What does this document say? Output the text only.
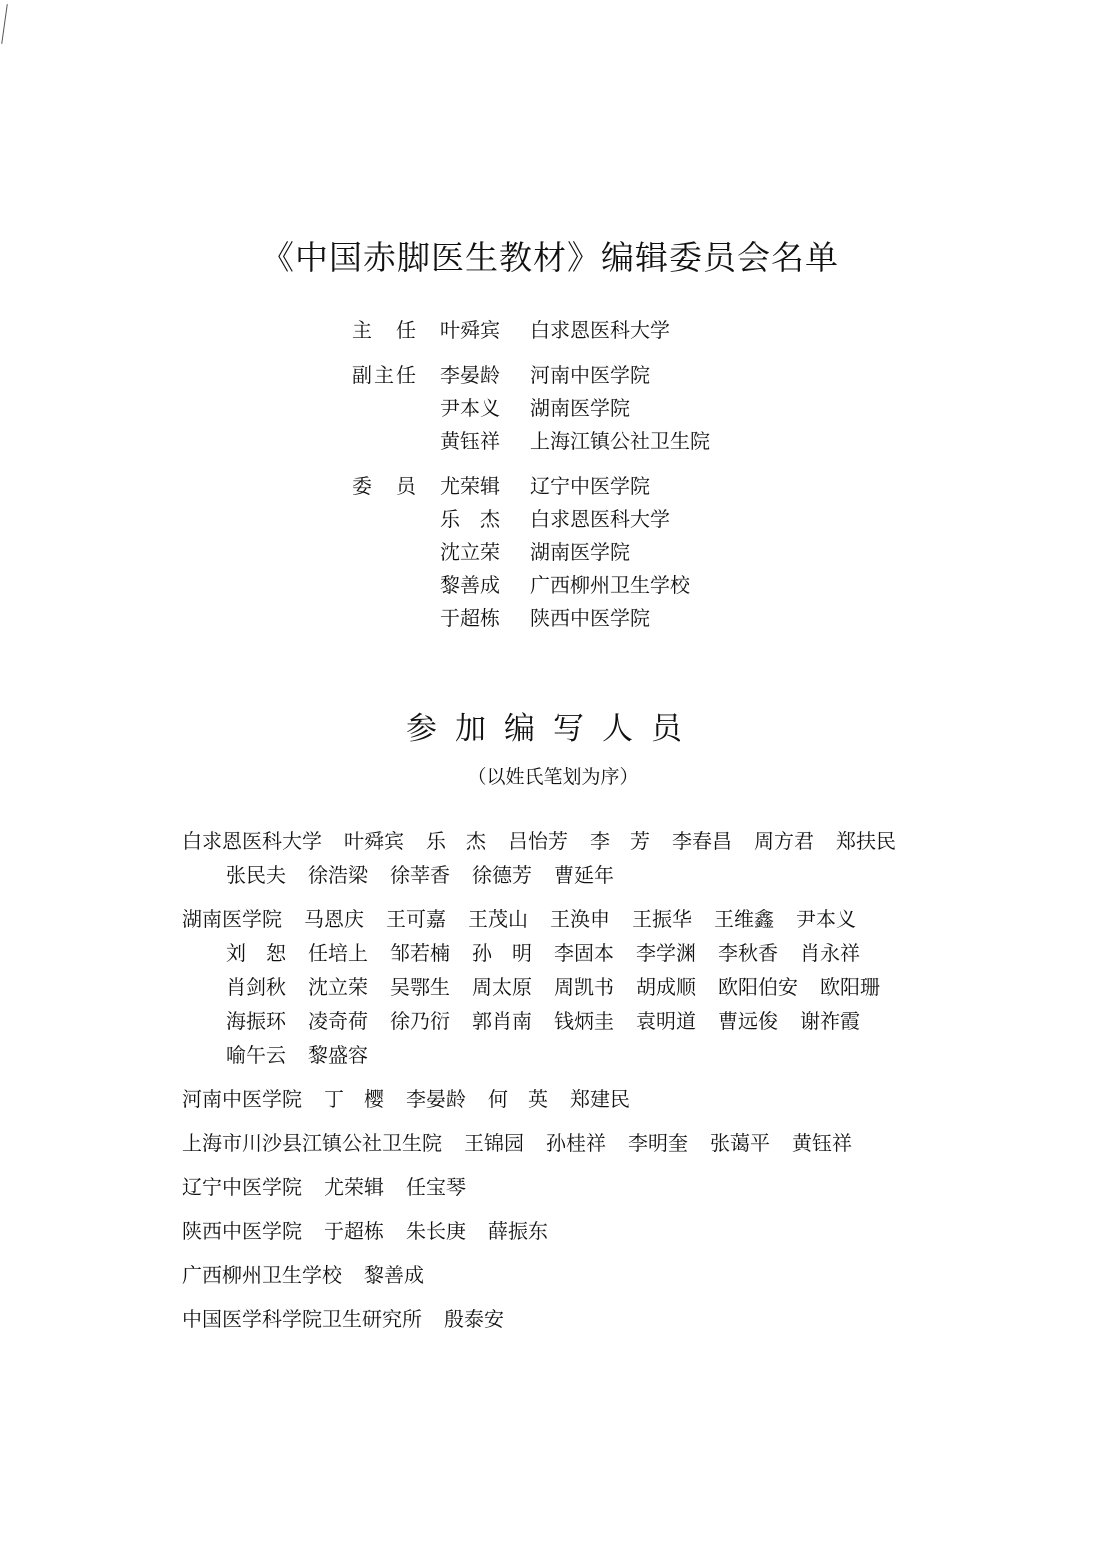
《中国赤脚医生教材》编辑委员会名单
主　任	叶舜宾	白求恩医科大学
副主任	李晏龄	河南中医学院
尹本义	湖南医学院
黄钰祥	上海江镇公社卫生院
委　员	尤荣辑	辽宁中医学院
乐　杰	白求恩医科大学
沈立荣	湖南医学院
黎善成	广西柳州卫生学校
于超栋	陕西中医学院
参加编写人员
（以姓氏笔划为序）
白求恩医科大学 叶舜宾 乐　杰 吕怡芳 李　芳 李春昌 周方君 郑扶民
张民夫 徐浩梁 徐莘香 徐德芳 曹延年
湖南医学院 马恩庆 王可嘉 王茂山 王涣申 王振华 王维鑫 尹本义
刘　恕 任培上 邹若楠 孙　明 李固本 李学渊 李秋香 肖永祥
肖剑秋 沈立荣 吴鄂生 周太原 周凯书 胡成顺 欧阳伯安 欧阳珊
海振环 凌奇荷 徐乃衍 郭肖南 钱炳圭 袁明道 曹远俊 谢祚霞
喻午云 黎盛容
河南中医学院 丁　樱 李晏龄 何　英 郑建民
上海市川沙县江镇公社卫生院 王锦园 孙桂祥 李明奎 张蔼平 黄钰祥
辽宁中医学院 尤荣辑 任宝琴
陕西中医学院 于超栋 朱长庚 薛振东
广西柳州卫生学校 黎善成
中国医学科学院卫生研究所 殷泰安
